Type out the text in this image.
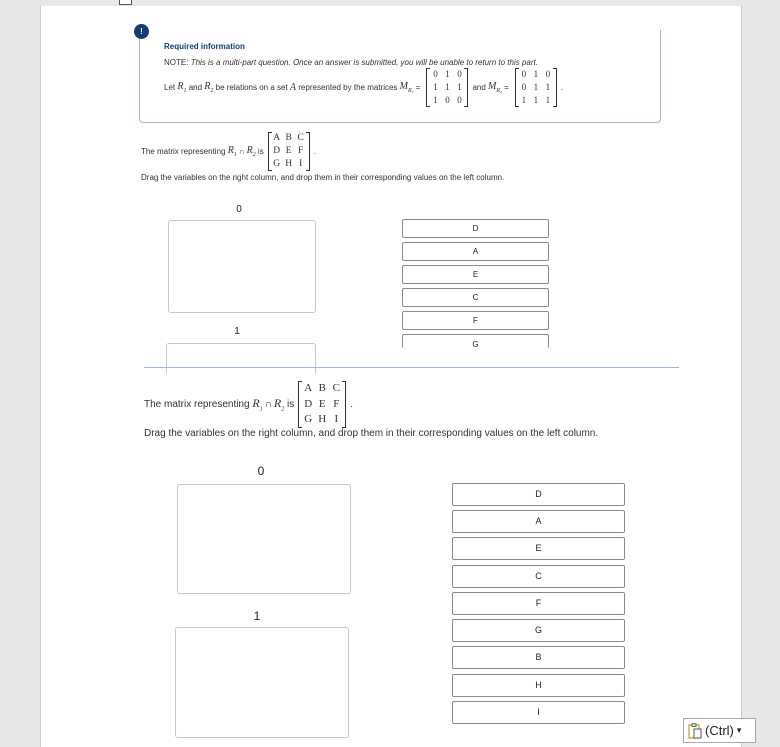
!
Required information
NOTE: This is a multi-part question. Once an answer is submitted, you will be unable to return to this part.
Let
$R_1$
and
$R_2$
be relations on a set
A
represented by the matrices
$M_{R_1}$ =
0 1 0
1 1 1
1 0 0
and
$M_{R_2}$ =
0 1 0
0 1 1
1 1 1
.
The matrix representing
$R_1$ ∩ $R_2$
is
A B C
D E F
G H I
.
Drag the variables on the right column, and drop them in their corresponding values on the left column.
0
1
D
A
E
C
F
G
The matrix representing
$R_1$ ∩ $R_2$
is
A B C
D E F
G H I
.
Drag the variables on the right column, and drop them in their corresponding values on the left column.
0
1
D
A
E
C
F
G
B
H
I
(Ctrl) ▾
